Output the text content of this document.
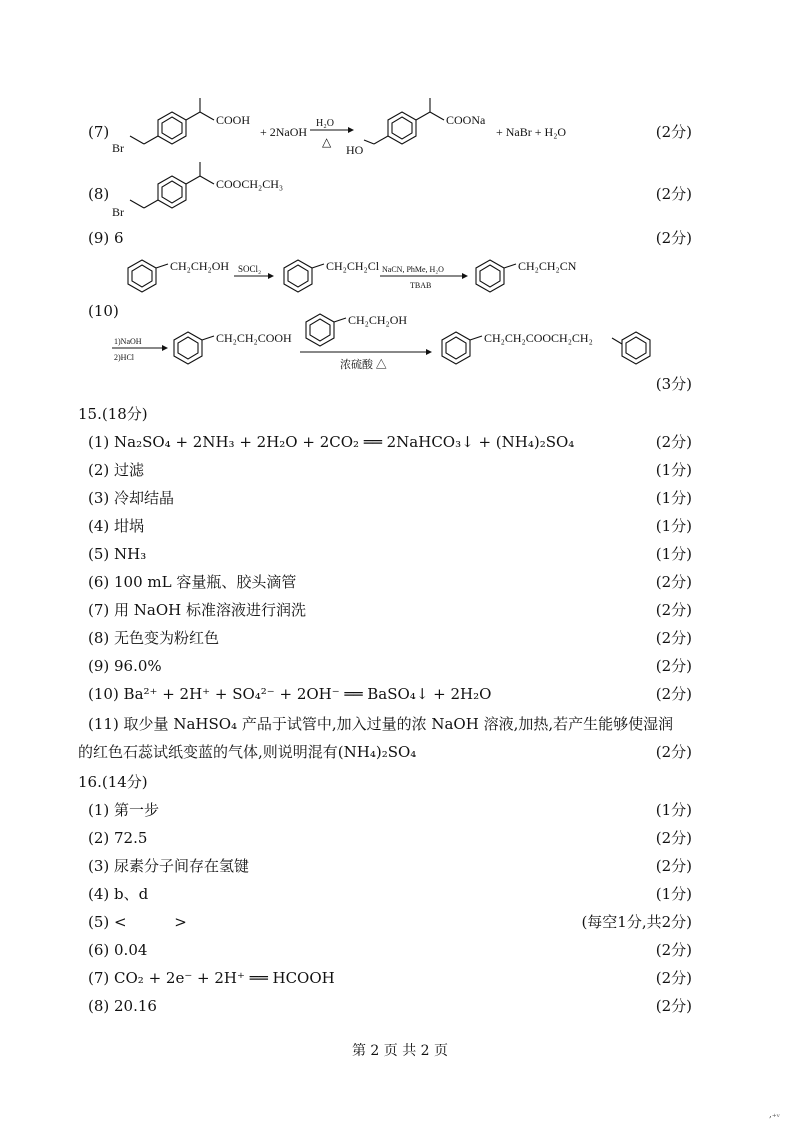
(7)
COOH
Br
+ 2NaOH
H₂O
△
COONa
HO
+ NaBr + H₂O	(2分)
(8)
COOCH₂CH₃
Br
(2分)
(9) 6	(2分)
CH₂CH₂OH SOCl₂	CH₂CH₂Cl NaCN, PhMe, H₂O
TBAB
CH₂CH₂CN
(10)
1)NaOH
2)HCl
CH₂CH₂COOH
CH₂CH₂OH
浓硫酸 △
CH₂CH₂COOCH₂CH₂
(3分)
15.(18分)
(1) Na₂SO₄ + 2NH₃ + 2H₂O + 2CO₂ ══ 2NaHCO₃↓ + (NH₄)₂SO₄	(2分)
(2) 过滤	(1分)
(3) 冷却结晶	(1分)
(4) 坩埚	(1分)
(5) NH₃	(1分)
(6) 100 mL 容量瓶、胶头滴管	(2分)
(7) 用 NaOH 标准溶液进行润洗	(2分)
(8) 无色变为粉红色	(2分)
(9) 96.0%	(2分)
(10) Ba²⁺ + 2H⁺ + SO₄²⁻ + 2OH⁻ ══ BaSO₄↓ + 2H₂O	(2分)
(11) 取少量 NaHSO₄ 产品于试管中,加入过量的浓 NaOH 溶液,加热,若产生能够使湿润
的红色石蕊试纸变蓝的气体,则说明混有(NH₄)₂SO₄	(2分)
16.(14分)
(1) 第一步	(1分)
(2) 72.5	(2分)
(3) 尿素分子间存在氢键	(2分)
(4) b、d	(1分)
(5) <          >	(每空1分,共2分)
(6) 0.04	(2分)
(7) CO₂ + 2e⁻ + 2H⁺ ══ HCOOH	(2分)
(8) 20.16	(2分)
第 2 页 共 2 页
,₊ᵥ
